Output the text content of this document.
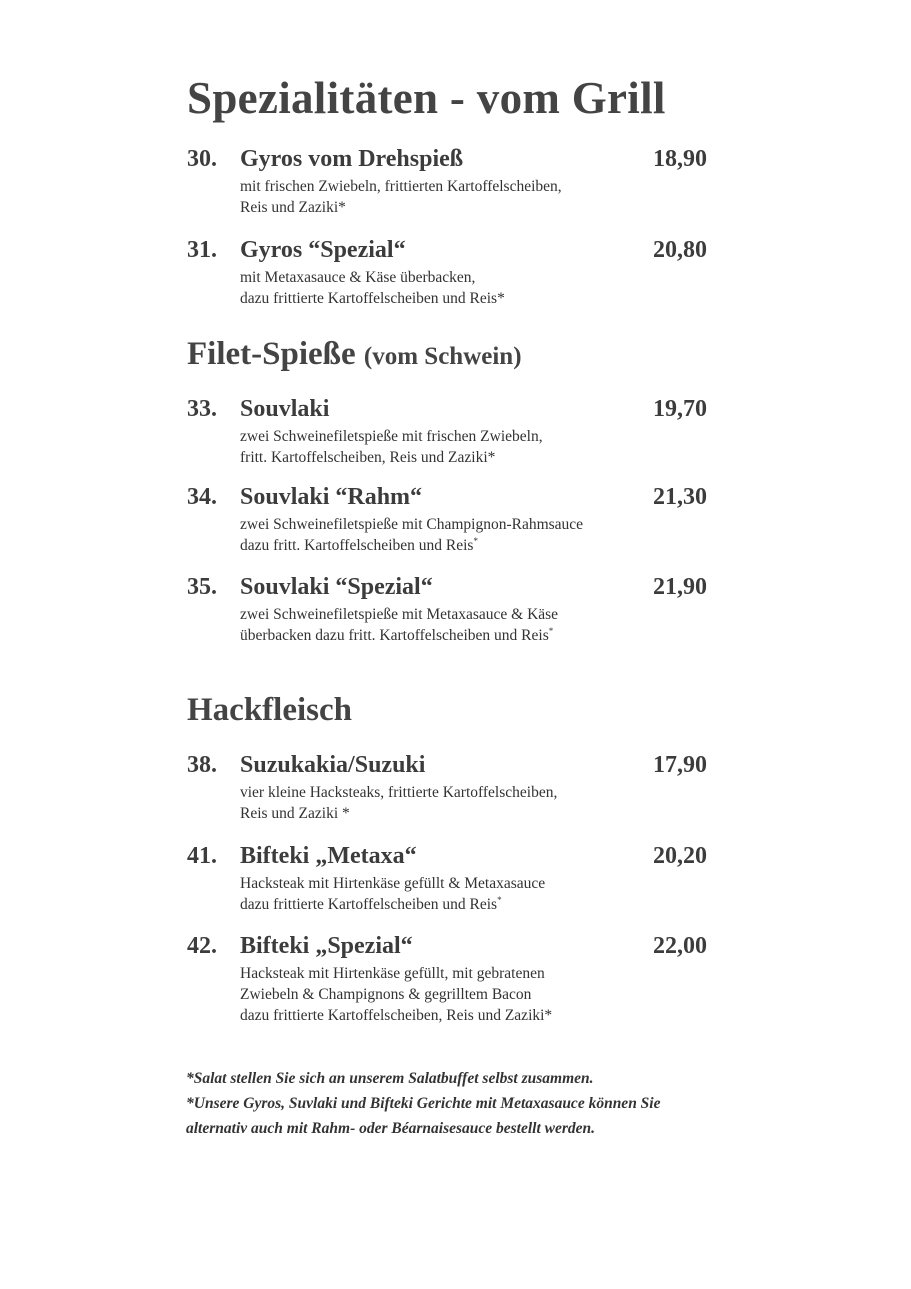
Spezialitäten - vom Grill
30. Gyros vom Drehspieß	18,90
mit frischen Zwiebeln, frittierten Kartoffelscheiben,
Reis und Zaziki*
31. Gyros “Spezial“	20,80
mit Metaxasauce & Käse überbacken,
dazu frittierte Kartoffelscheiben und Reis*
Filet-Spieße (vom Schwein)
33. Souvlaki	19,70
zwei Schweinefiletspieße mit frischen Zwiebeln,
fritt. Kartoffelscheiben, Reis und Zaziki*
34. Souvlaki “Rahm“	21,30
zwei Schweinefiletspieße mit Champignon-Rahmsauce
dazu fritt. Kartoffelscheiben und Reis*
35. Souvlaki “Spezial“	21,90
zwei Schweinefiletspieße mit Metaxasauce & Käse
überbacken dazu fritt. Kartoffelscheiben und Reis*
Hackfleisch
38. Suzukakia/Suzuki	17,90
vier kleine Hacksteaks, frittierte Kartoffelscheiben,
Reis und Zaziki *
41. Bifteki „Metaxa“	20,20
Hacksteak mit Hirtenkäse gefüllt & Metaxasauce
dazu frittierte Kartoffelscheiben und Reis*
42. Bifteki „Spezial“	22,00
Hacksteak mit Hirtenkäse gefüllt, mit gebratenen
Zwiebeln & Champignons & gegrilltem Bacon
dazu frittierte Kartoffelscheiben, Reis und Zaziki*
*Salat stellen Sie sich an unserem Salatbuffet selbst zusammen.
*Unsere Gyros, Suvlaki und Bifteki Gerichte mit Metaxasauce können Sie
alternativ auch mit Rahm- oder Béarnaisesauce bestellt werden.
